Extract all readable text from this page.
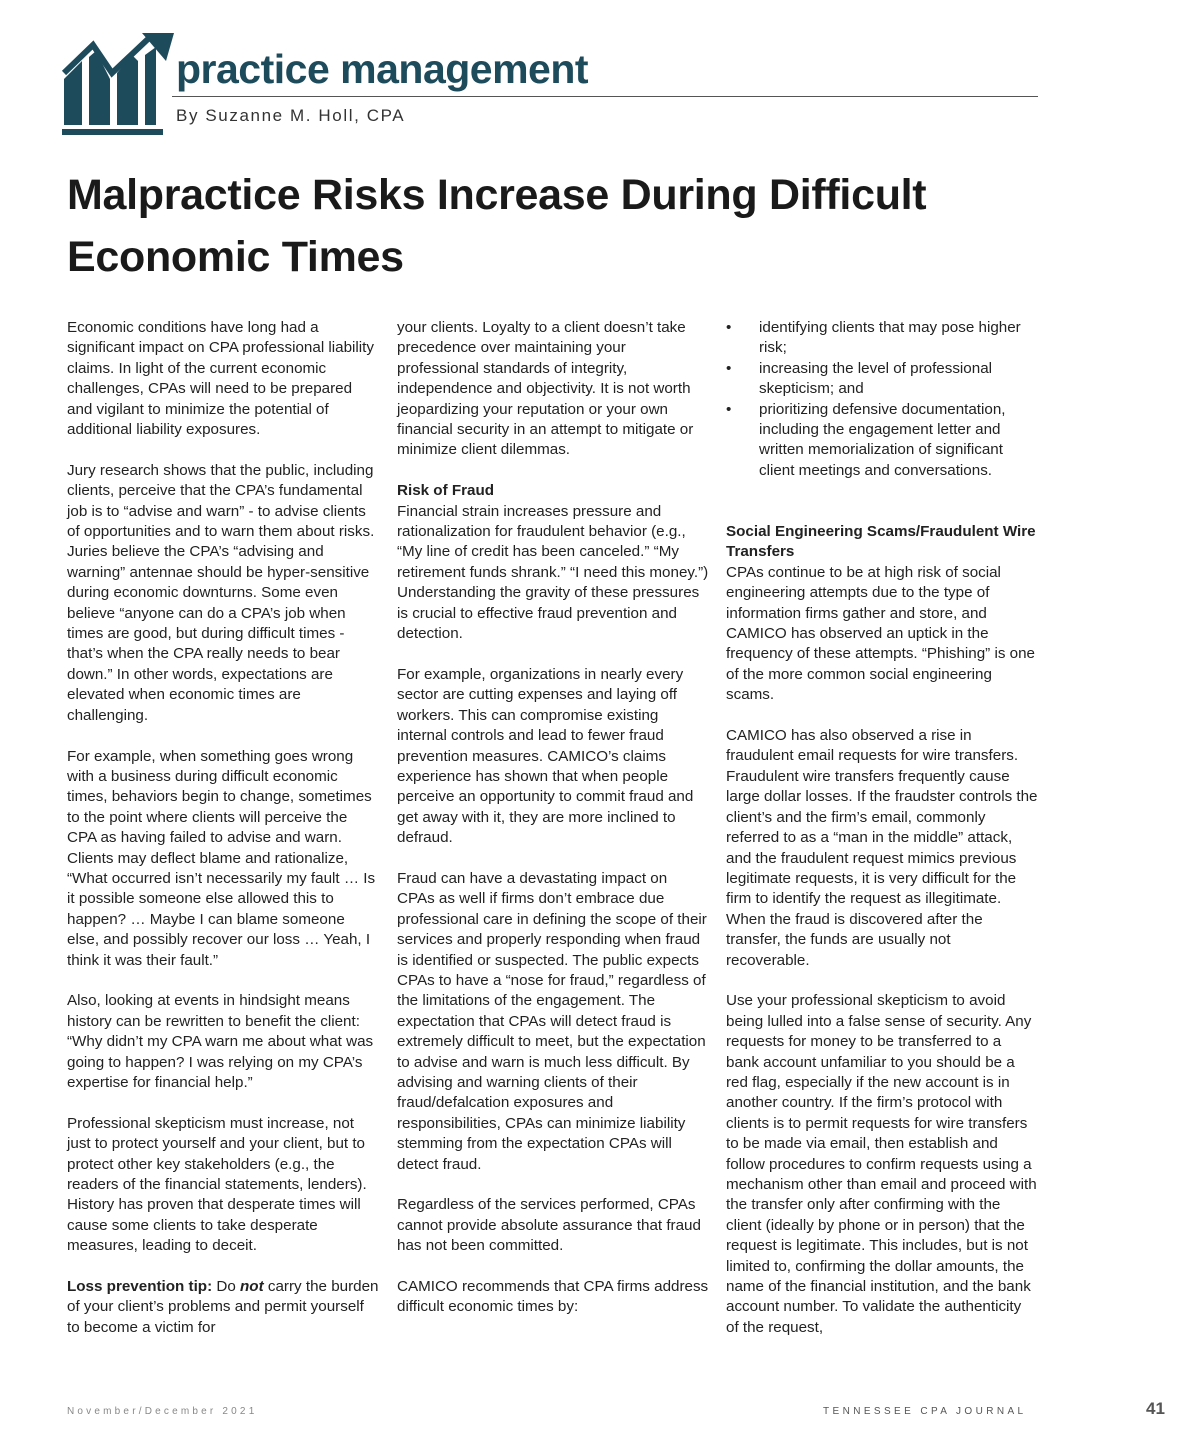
practice management
By Suzanne M. Holl, CPA
Malpractice Risks Increase During Difficult Economic Times

Economic conditions have long had a significant impact on CPA professional liability claims. In light of the current economic challenges, CPAs will need to be prepared and vigilant to minimize the potential of additional liability exposures.

Jury research shows that the public, including clients, perceive that the CPA’s fundamental job is to “advise and warn” - to advise clients of opportunities and to warn them about risks. Juries believe the CPA’s “advising and warning” antennae should be hyper-sensitive during economic downturns. Some even believe “anyone can do a CPA’s job when times are good, but during difficult times - that’s when the CPA really needs to bear down.” In other words, expectations are elevated when economic times are challenging.

For example, when something goes wrong with a business during difficult economic times, behaviors begin to change, sometimes to the point where clients will perceive the CPA as having failed to advise and warn. Clients may deflect blame and rationalize, “What occurred isn’t necessarily my fault … Is it possible someone else allowed this to happen? … Maybe I can blame someone else, and possibly recover our loss … Yeah, I think it was their fault.”

Also, looking at events in hindsight means history can be rewritten to benefit the client: “Why didn’t my CPA warn me about what was going to happen? I was relying on my CPA’s expertise for financial help.”

Professional skepticism must increase, not just to protect yourself and your client, but to protect other key stakeholders (e.g., the readers of the financial statements, lenders). History has proven that desperate times will cause some clients to take desperate measures, leading to deceit.

Loss prevention tip: Do not carry the burden of your client’s problems and permit yourself to become a victim for

your clients. Loyalty to a client doesn’t take precedence over maintaining your professional standards of integrity, independence and objectivity. It is not worth jeopardizing your reputation or your own financial security in an attempt to mitigate or minimize client dilemmas.

Risk of Fraud

Financial strain increases pressure and rationalization for fraudulent behavior (e.g., “My line of credit has been canceled.” “My retirement funds shrank.” “I need this money.”) Understanding the gravity of these pressures is crucial to effective fraud prevention and detection.

For example, organizations in nearly every sector are cutting expenses and laying off workers. This can compromise existing internal controls and lead to fewer fraud prevention measures. CAMICO’s claims experience has shown that when people perceive an opportunity to commit fraud and get away with it, they are more inclined to defraud.

Fraud can have a devastating impact on CPAs as well if firms don’t embrace due professional care in defining the scope of their services and properly responding when fraud is identified or suspected. The public expects CPAs to have a “nose for fraud,” regardless of the limitations of the engagement. The expectation that CPAs will detect fraud is extremely difficult to meet, but the expectation to advise and warn is much less difficult. By advising and warning clients of their fraud/defalcation exposures and responsibilities, CPAs can minimize liability stemming from the expectation CPAs will detect fraud.

Regardless of the services performed, CPAs cannot provide absolute assurance that fraud has not been committed.

CAMICO recommends that CPA firms address difficult economic times by:

• identifying clients that may pose higher risk;
• increasing the level of professional skepticism; and
• prioritizing defensive documentation, including the engagement letter and written memorialization of significant client meetings and conversations.
Social Engineering Scams/Fraudulent Wire Transfers

CPAs continue to be at high risk of social engineering attempts due to the type of information firms gather and store, and CAMICO has observed an uptick in the frequency of these attempts. “Phishing” is one of the more common social engineering scams.

CAMICO has also observed a rise in fraudulent email requests for wire transfers. Fraudulent wire transfers frequently cause large dollar losses. If the fraudster controls the client’s and the firm’s email, commonly referred to as a “man in the middle” attack, and the fraudulent request mimics previous legitimate requests, it is very difficult for the firm to identify the request as illegitimate. When the fraud is discovered after the transfer, the funds are usually not recoverable.

Use your professional skepticism to avoid being lulled into a false sense of security. Any requests for money to be transferred to a bank account unfamiliar to you should be a red flag, especially if the new account is in another country. If the firm’s protocol with clients is to permit requests for wire transfers to be made via email, then establish and follow procedures to confirm requests using a mechanism other than email and proceed with the transfer only after confirming with the client (ideally by phone or in person) that the request is legitimate. This includes, but is not limited to, confirming the dollar amounts, the name of the financial institution, and the bank account number. To validate the authenticity of the request,

November/December 2021	TENNESSEE CPA JOURNAL	41
